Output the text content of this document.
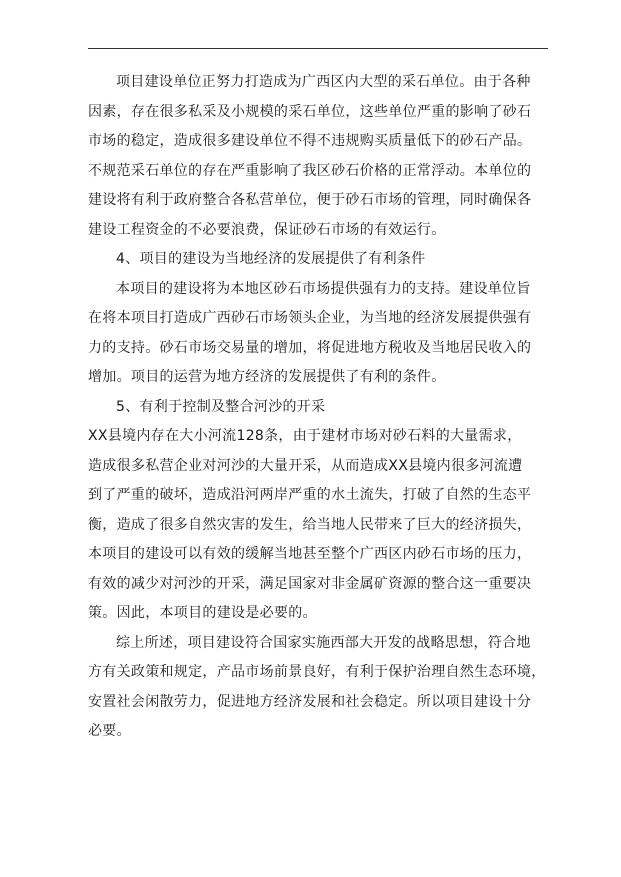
项目建设单位正努力打造成为广西区内大型的采石单位。由于各种
因素，存在很多私采及小规模的采石单位，这些单位严重的影响了砂石
市场的稳定，造成很多建设单位不得不违规购买质量低下的砂石产品。
不规范采石单位的存在严重影响了我区砂石价格的正常浮动。本单位的
建设将有利于政府整合各私营单位，便于砂石市场的管理，同时确保各
建设工程资金的不必要浪费，保证砂石市场的有效运行。
4、项目的建设为当地经济的发展提供了有利条件
本项目的建设将为本地区砂石市场提供强有力的支持。建设单位旨
在将本项目打造成广西砂石市场领头企业，为当地的经济发展提供强有
力的支持。砂石市场交易量的增加，将促进地方税收及当地居民收入的
增加。项目的运营为地方经济的发展提供了有利的条件。
5、有利于控制及整合河沙的开采
XX县境内存在大小河流128条，由于建材市场对砂石料的大量需求，
造成很多私营企业对河沙的大量开采，从而造成XX县境内很多河流遭
到了严重的破坏，造成沿河两岸严重的水土流失，打破了自然的生态平
衡，造成了很多自然灾害的发生，给当地人民带来了巨大的经济损失，
本项目的建设可以有效的缓解当地甚至整个广西区内砂石市场的压力，
有效的减少对河沙的开采，满足国家对非金属矿资源的整合这一重要决
策。因此，本项目的建设是必要的。
综上所述，项目建设符合国家实施西部大开发的战略思想，符合地
方有关政策和规定，产品市场前景良好，有利于保护治理自然生态环境，
安置社会闲散劳力，促进地方经济发展和社会稳定。所以项目建设十分
必要。
